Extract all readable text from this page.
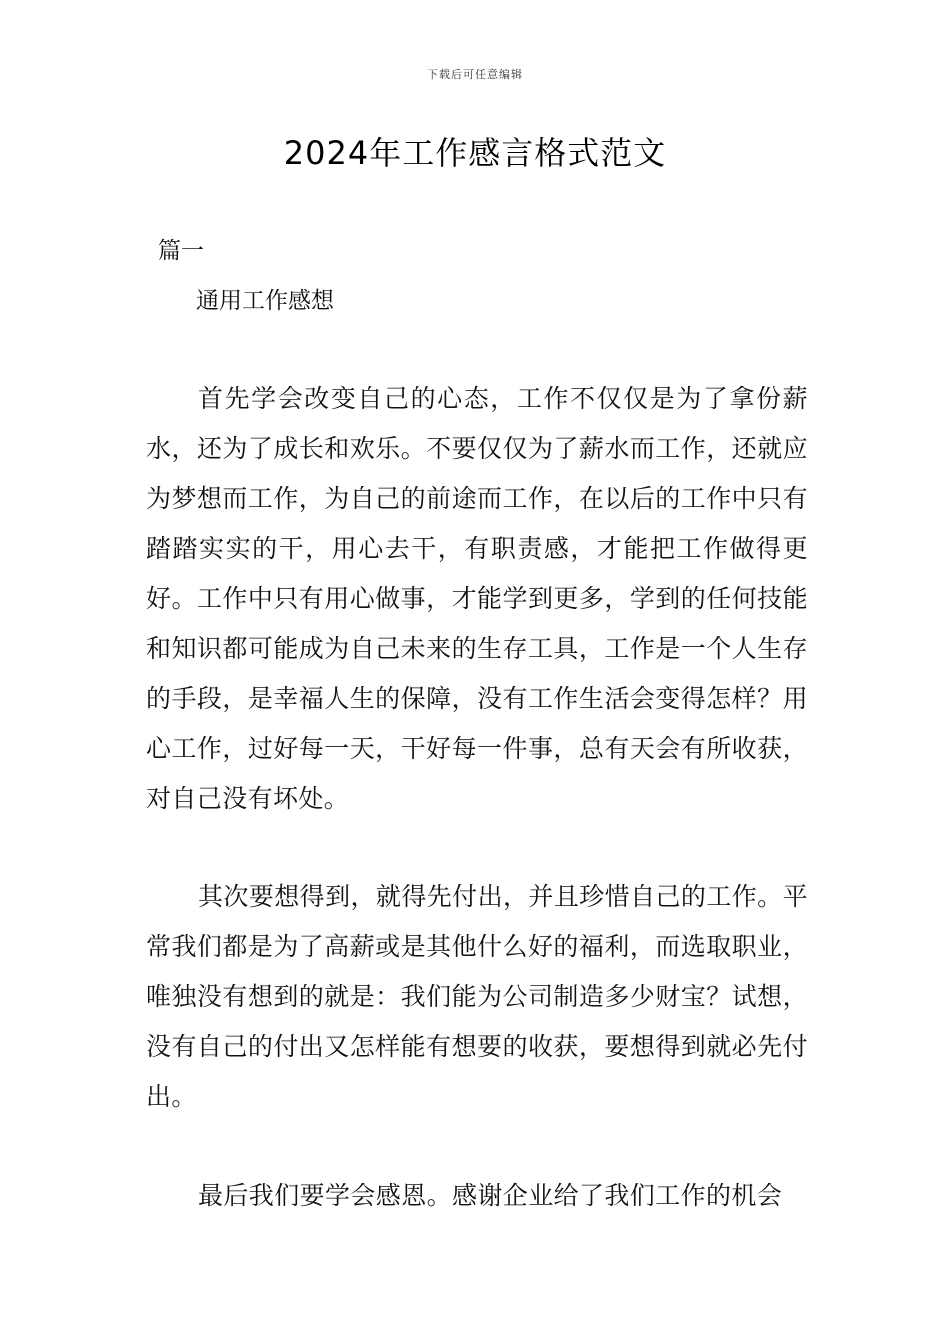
下载后可任意编辑
2024年工作感言格式范文
篇一
通用工作感想

首先学会改变自己的心态，工作不仅仅是为了拿份薪水，还为了成长和欢乐。不要仅仅为了薪水而工作，还就应为梦想而工作，为自己的前途而工作，在以后的工作中只有踏踏实实的干，用心去干，有职责感，才能把工作做得更好。工作中只有用心做事，才能学到更多，学到的任何技能和知识都可能成为自己未来的生存工具，工作是一个人生存的手段，是幸福人生的保障，没有工作生活会变得怎样？用心工作，过好每一天，干好每一件事，总有天会有所收获，对自己没有坏处。

其次要想得到，就得先付出，并且珍惜自己的工作。平常我们都是为了高薪或是其他什么好的福利，而选取职业，唯独没有想到的就是：我们能为公司制造多少财宝？试想，没有自己的付出又怎样能有想要的收获，要想得到就必先付出。

最后我们要学会感恩。感谢企业给了我们工作的机会
